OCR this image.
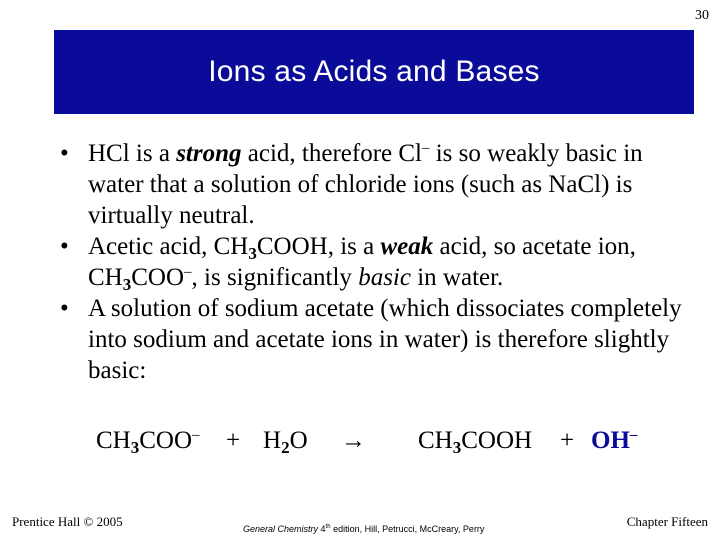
30
Ions as Acids and Bases
• HCl is a strong acid, therefore Cl– is so weakly basic in water that a solution of chloride ions (such as NaCl) is virtually neutral.
• Acetic acid, $CH_3COOH$, is a weak acid, so acetate ion, $CH_3COO^-$, is significantly basic in water.
• A solution of sodium acetate (which dissociates completely into sodium and acetate ions in water) is therefore slightly basic:
$CH_3COO^- + H_2O$ → $CH_3COOH + OH^-$
Prentice Hall © 2005	General Chemistry 4th edition, Hill, Petrucci, McCreary, Perry	Chapter Fifteen
